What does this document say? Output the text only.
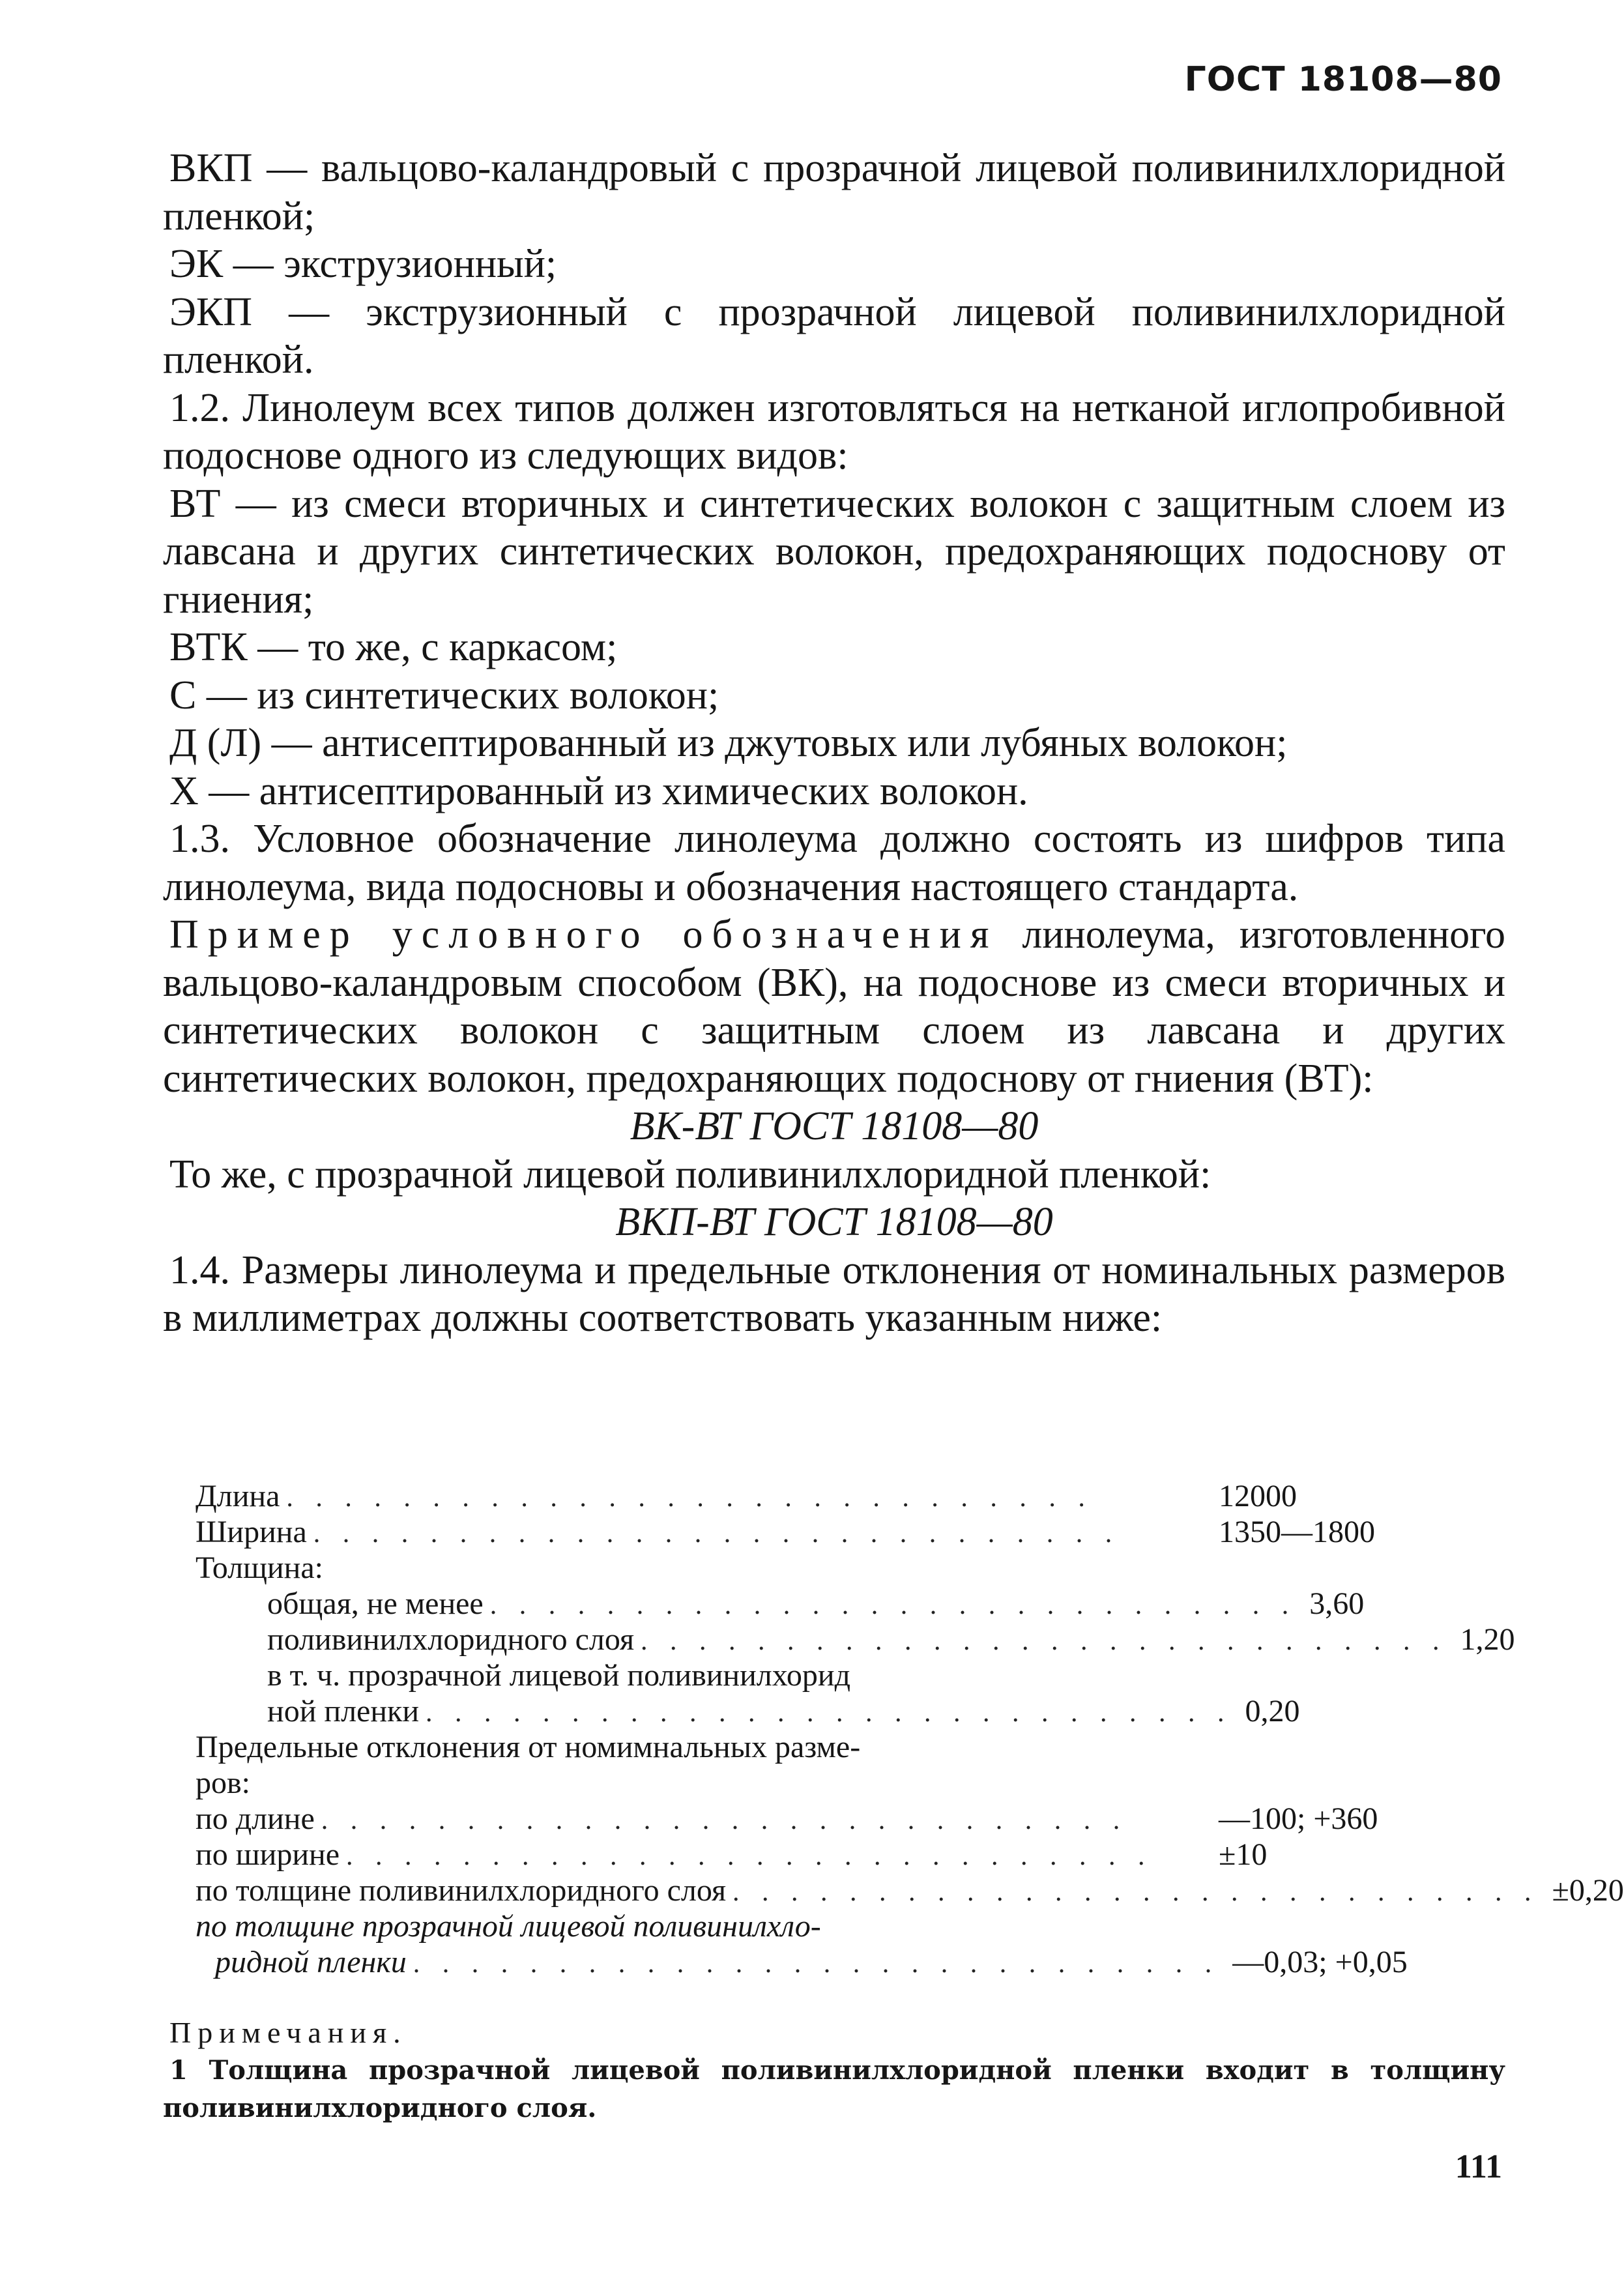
ГОСТ 18108—80

ВКП — вальцово-каландровый с прозрачной лицевой поливинилхлоридной пленкой;

ЭК — экструзионный;

ЭКП — экструзионный с прозрачной лицевой поливинилхлоридной пленкой.

1.2. Линолеум всех типов должен изготовляться на нетканой иглопробивной подоснове одного из следующих видов:

ВТ — из смеси вторичных и синтетических волокон с защитным слоем из лавсана и других синтетических волокон, предохраняющих подоснову от гниения;

ВТК — то же, с каркасом;

С — из синтетических волокон;

Д (Л) — антисептированный из джутовых или лубяных волокон;

Х — антисептированный из химических волокон.

1.3. Условное обозначение линолеума должно состоять из шифров типа линолеума, вида подосновы и обозначения настоящего стандарта.

Пример условного обозначения линолеума, изготовленного вальцово-каландровым способом (ВК), на подоснове из смеси вторичных и синтетических волокон с защитным слоем из лавсана и других синтетических волокон, предохраняющих подоснову от гниения (ВТ):

ВК-ВТ ГОСТ 18108—80

То же, с прозрачной лицевой поливинилхлоридной пленкой:

ВКП-ВТ ГОСТ 18108—80

1.4. Размеры линолеума и предельные отклонения от номинальных размеров в миллиметрах должны соответствовать указанным ниже:

Длина . . . . . . . . . . . . . . . . . . . . . . . . . . . .	12000
Ширина . . . . . . . . . . . . . . . . . . . . . . . . . . . .	1350—1800
Толщина:
общая, не менее . . . . . . . . . . . . . . . . . . . . . . . . . . . . 3,60
поливинилхлоридного слоя . . . . . . . . . . . . . . . . . . . . . . . . . . . . 1,20
в т. ч. прозрачной лицевой поливинилхорид
ной пленки . . . . . . . . . . . . . . . . . . . . . . . . . . . . 0,20
Предельные отклонения от номимнальных разме-
ров:
по длине . . . . . . . . . . . . . . . . . . . . . . . . . . . .	—100; +360
по ширине . . . . . . . . . . . . . . . . . . . . . . . . . . . .	±10
по толщине поливинилхлоридного слоя . . . . . . . . . . . . . . . . . . . . . . . . . . . . ±0,20
по толщине прозрачной лицевой поливинилхло-
ридной пленки . . . . . . . . . . . . . . . . . . . . . . . . . . . . —0,03; +0,05
Примечания.
1 Толщина прозрачной лицевой поливинилхлоридной пленки входит в толщину поливинилхлоридного слоя.
111
